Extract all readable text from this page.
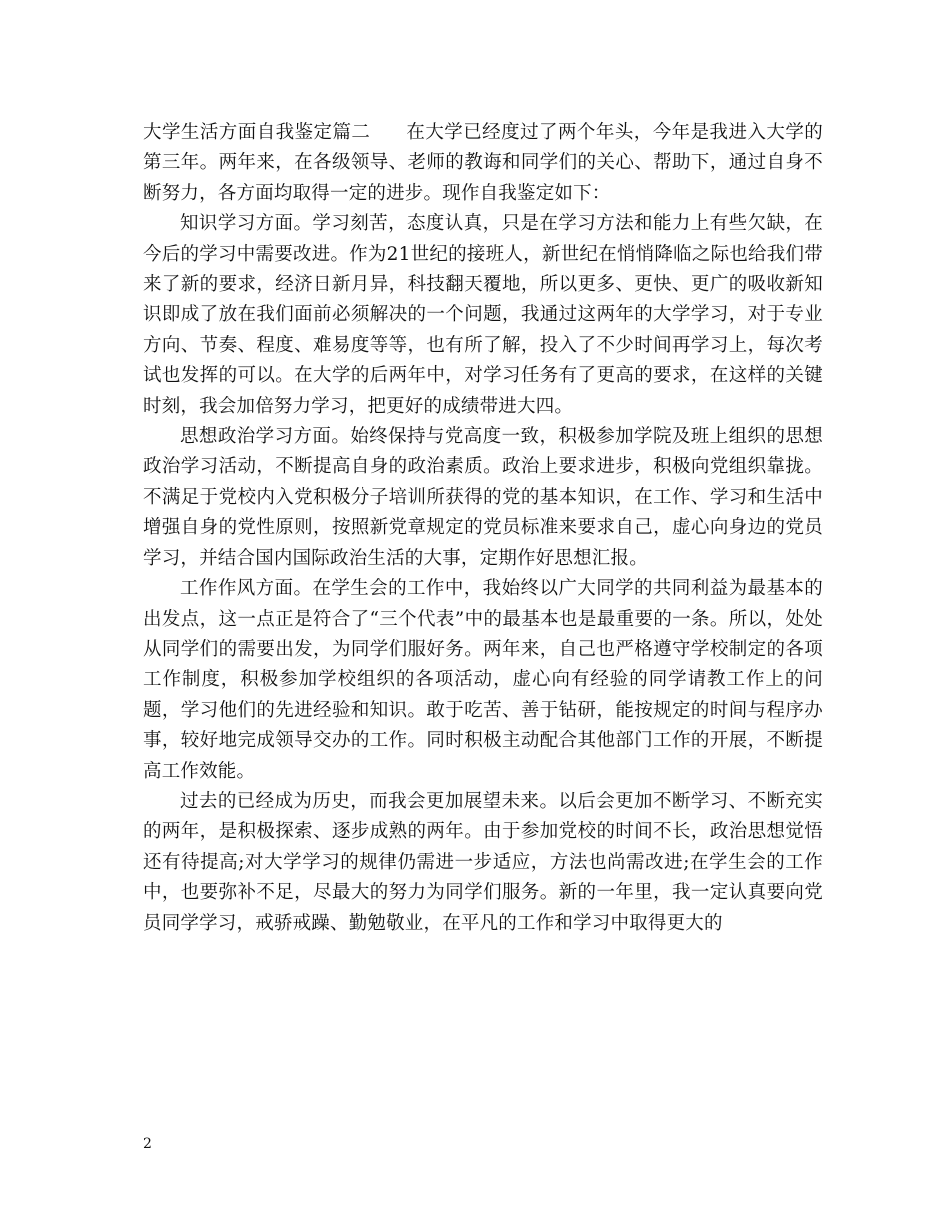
大学生活方面自我鉴定篇二 在大学已经度过了两个年头，今年是我进入大学的第三年。两年来，在各级领导、老师的教诲和同学们的关心、帮助下，通过自身不断努力，各方面均取得一定的进步。现作自我鉴定如下：

知识学习方面。学习刻苦，态度认真，只是在学习方法和能力上有些欠缺，在今后的学习中需要改进。作为21世纪的接班人，新世纪在悄悄降临之际也给我们带来了新的要求，经济日新月异，科技翻天覆地，所以更多、更快、更广的吸收新知识即成了放在我们面前必须解决的一个问题，我通过这两年的大学学习，对于专业方向、节奏、程度、难易度等等，也有所了解，投入了不少时间再学习上，每次考试也发挥的可以。在大学的后两年中，对学习任务有了更高的要求，在这样的关键时刻，我会加倍努力学习，把更好的成绩带进大四。

思想政治学习方面。始终保持与党高度一致，积极参加学院及班上组织的思想政治学习活动，不断提高自身的政治素质。政治上要求进步，积极向党组织靠拢。不满足于党校内入党积极分子培训所获得的党的基本知识，在工作、学习和生活中增强自身的党性原则，按照新党章规定的党员标准来要求自己，虚心向身边的党员学习，并结合国内国际政治生活的大事，定期作好思想汇报。

工作作风方面。在学生会的工作中，我始终以广大同学的共同利益为最基本的出发点，这一点正是符合了“三个代表”中的最基本也是最重要的一条。所以，处处从同学们的需要出发，为同学们服好务。两年来，自己也严格遵守学校制定的各项工作制度，积极参加学校组织的各项活动，虚心向有经验的同学请教工作上的问题，学习他们的先进经验和知识。敢于吃苦、善于钻研，能按规定的时间与程序办事，较好地完成领导交办的工作。同时积极主动配合其他部门工作的开展，不断提高工作效能。

过去的已经成为历史，而我会更加展望未来。以后会更加不断学习、不断充实的两年，是积极探索、逐步成熟的两年。由于参加党校的时间不长，政治思想觉悟还有待提高;对大学学习的规律仍需进一步适应，方法也尚需改进;在学生会的工作中，也要弥补不足，尽最大的努力为同学们服务。新的一年里，我一定认真要向党员同学学习，戒骄戒躁、勤勉敬业，在平凡的工作和学习中取得更大的

2
